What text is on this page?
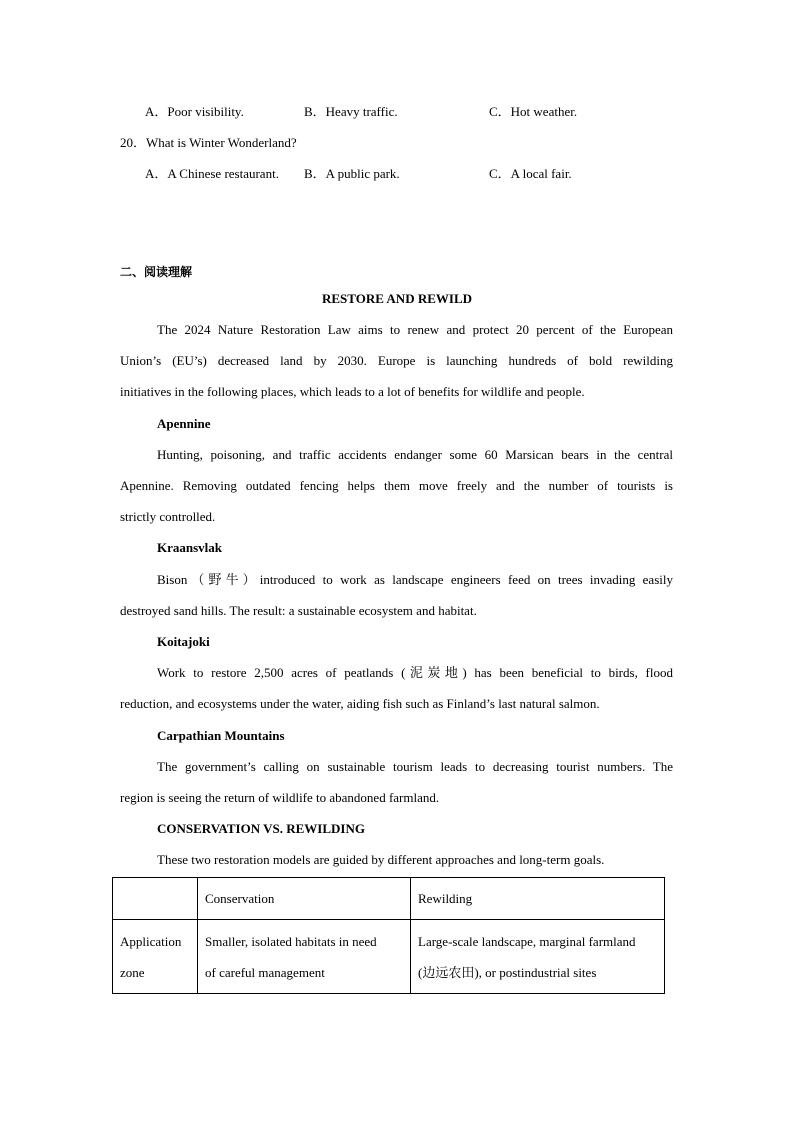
A．Poor visibility.	B．Heavy traffic.	C．Hot weather.
20．What is Winter Wonderland?
A．A Chinese restaurant. B．A public park.	C．A local fair.
二、阅读理解
RESTORE AND REWILD
The 2024 Nature Restoration Law aims to renew and protect 20 percent of the European
Union’s (EU’s) decreased land by 2030. Europe is launching hundreds of bold rewilding
initiatives in the following places, which leads to a lot of benefits for wildlife and people.
Apennine
Hunting, poisoning, and traffic accidents endanger some 60 Marsican bears in the central
Apennine. Removing outdated fencing helps them move freely and the number of tourists is
strictly controlled.
Kraansvlak
Bison（野牛）introduced to work as landscape engineers feed on trees invading easily
destroyed sand hills. The result: a sustainable ecosystem and habitat.
Koitajoki
Work to restore 2,500 acres of peatlands (泥炭地) has been beneficial to birds, flood
reduction, and ecosystems under the water, aiding fish such as Finland’s last natural salmon.
Carpathian Mountains
The government’s calling on sustainable tourism leads to decreasing tourist numbers. The
region is seeing the return of wildlife to abandoned farmland.
CONSERVATION VS. REWILDING
These two restoration models are guided by different approaches and long-term goals.
	Conservation	Rewilding

Application
zone	Smaller, isolated habitats in need
of careful management	Large-scale landscape, marginal farmland
(边远农田), or postindustrial sites
